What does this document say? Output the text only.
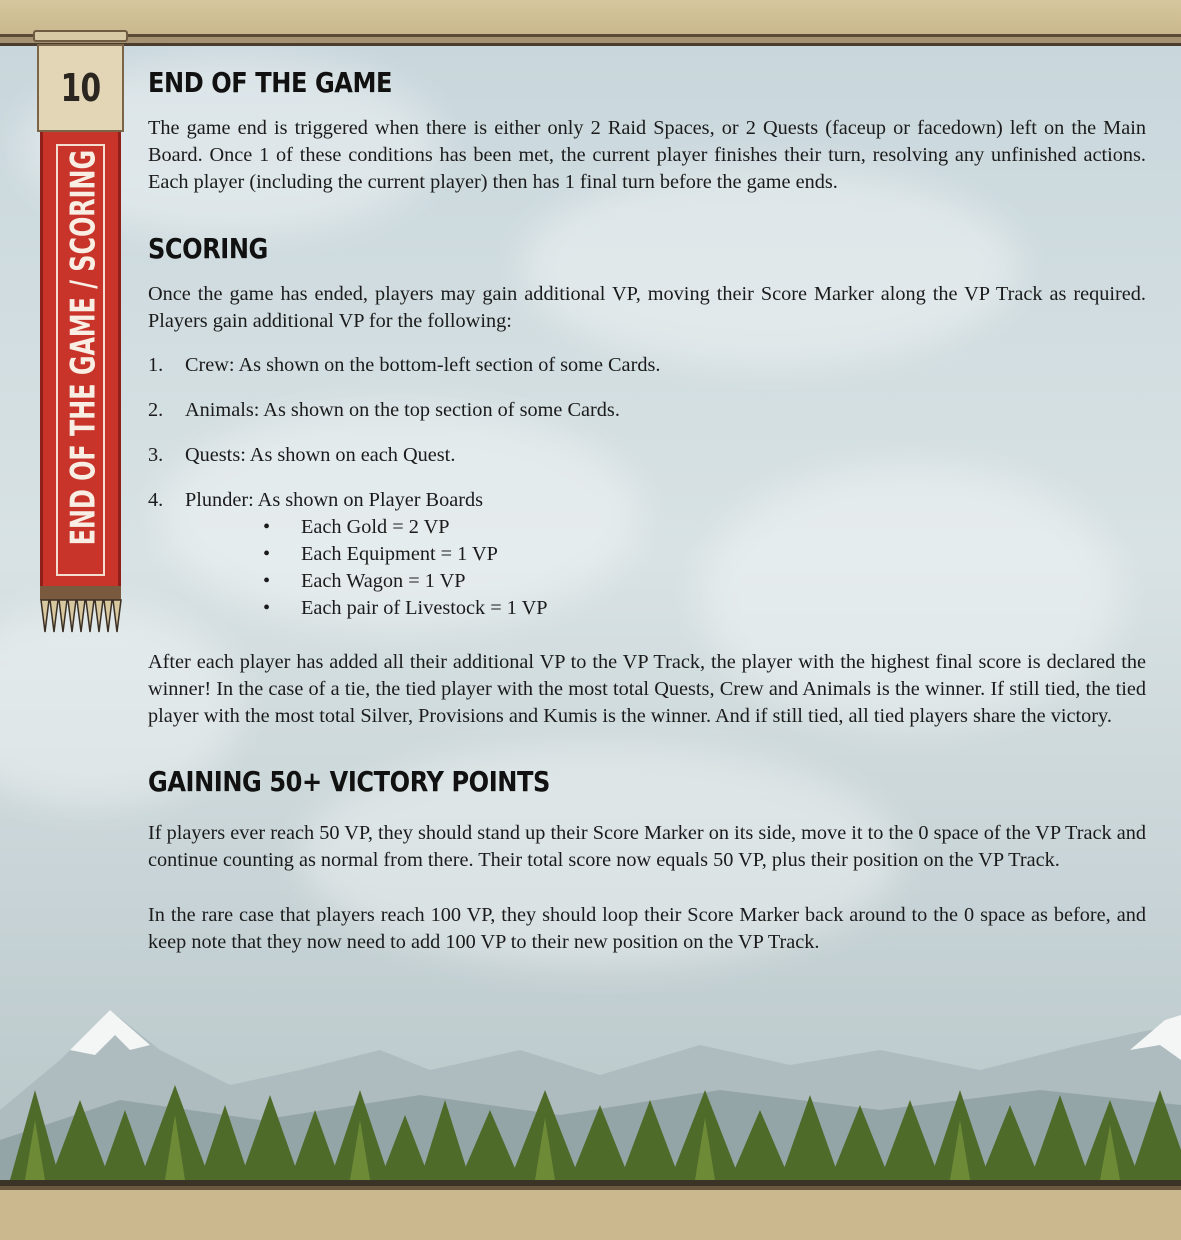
10
END OF THE GAME / SCORING
END OF THE GAME

The game end is triggered when there is either only 2 Raid Spaces, or 2 Quests (faceup or facedown) left on the Main Board. Once 1 of these conditions has been met, the current player finishes their turn, resolving any unfinished actions. Each player (including the current player) then has 1 final turn before the game ends.

SCORING

Once the game has ended, players may gain additional VP, moving their Score Marker along the VP Track as required. Players gain additional VP for the following:

1. Crew: As shown on the bottom-left section of some Cards.
2. Animals: As shown on the top section of some Cards.
3. Quests: As shown on each Quest.
4. Plunder: As shown on Player Boards
• Each Gold = 2 VP
• Each Equipment = 1 VP
• Each Wagon = 1 VP
• Each pair of Livestock = 1 VP

After each player has added all their additional VP to the VP Track, the player with the highest final score is declared the winner! In the case of a tie, the tied player with the most total Quests, Crew and Animals is the winner. If still tied, the tied player with the most total Silver, Provisions and Kumis is the winner. And if still tied, all tied players share the victory.

GAINING 50+ VICTORY POINTS

If players ever reach 50 VP, they should stand up their Score Marker on its side, move it to the 0 space of the VP Track and continue counting as normal from there. Their total score now equals 50 VP, plus their position on the VP Track.

In the rare case that players reach 100 VP, they should loop their Score Marker back around to the 0 space as before, and keep note that they now need to add 100 VP to their new position on the VP Track.
